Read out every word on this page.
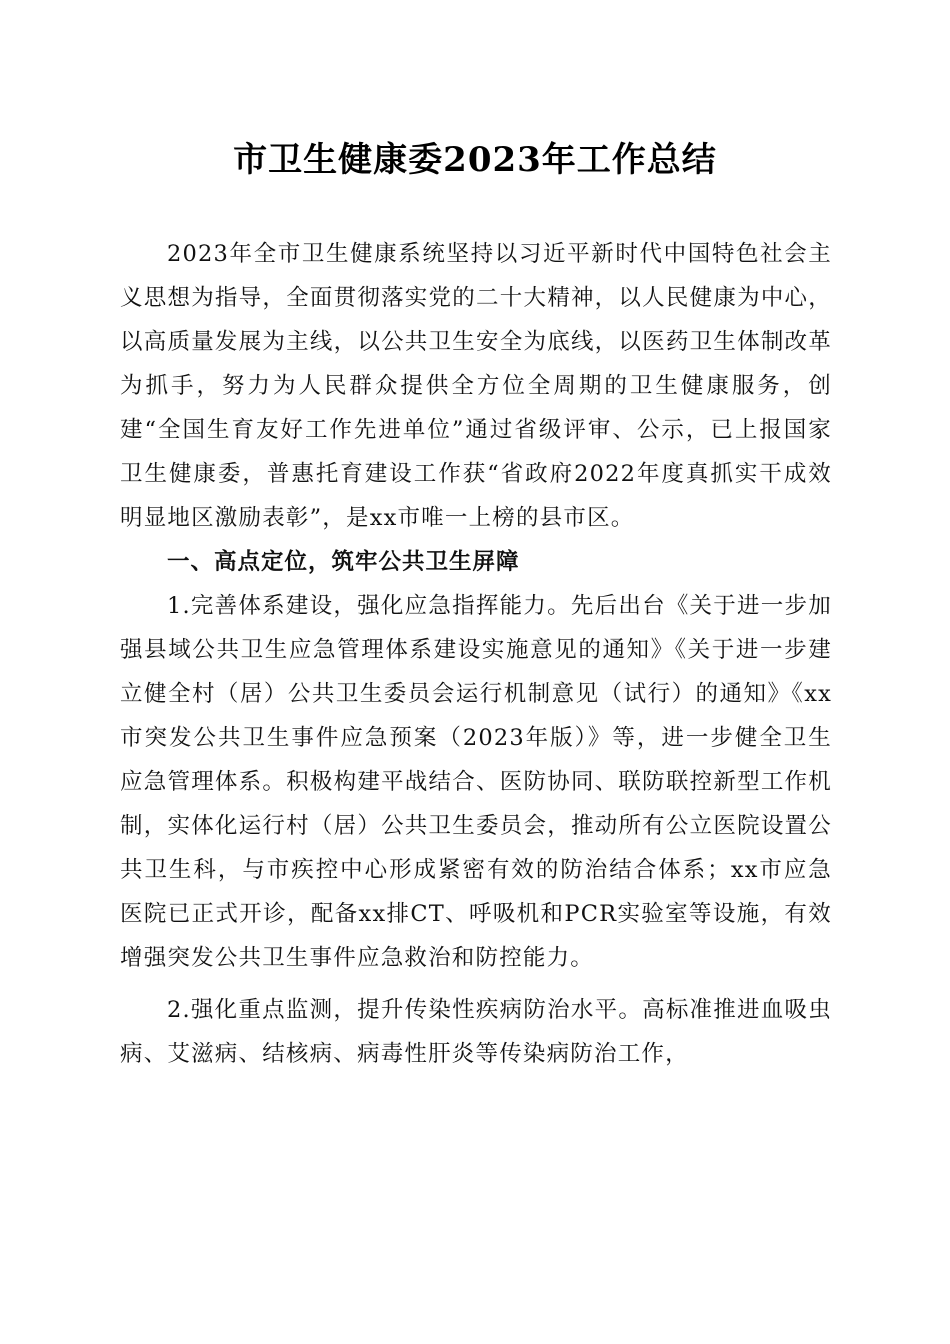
市卫生健康委2023年工作总结

2023年全市卫生健康系统坚持以习近平新时代中国特色社会主义思想为指导，全面贯彻落实党的二十大精神，以人民健康为中心，以高质量发展为主线，以公共卫生安全为底线，以医药卫生体制改革为抓手，努力为人民群众提供全方位全周期的卫生健康服务，创建“全国生育友好工作先进单位”通过省级评审、公示，已上报国家卫生健康委，普惠托育建设工作获“省政府2022年度真抓实干成效明显地区激励表彰”，是xx市唯一上榜的县市区。

一、高点定位，筑牢公共卫生屏障

1.完善体系建设，强化应急指挥能力。先后出台《关于进一步加强县域公共卫生应急管理体系建设实施意见的通知》《关于进一步建立健全村（居）公共卫生委员会运行机制意见（试行）的通知》《xx市突发公共卫生事件应急预案（2023年版）》等，进一步健全卫生应急管理体系。积极构建平战结合、医防协同、联防联控新型工作机制，实体化运行村（居）公共卫生委员会，推动所有公立医院设置公共卫生科，与市疾控中心形成紧密有效的防治结合体系；xx市应急医院已正式开诊，配备xx排CT、呼吸机和PCR实验室等设施，有效增强突发公共卫生事件应急救治和防控能力。

2.强化重点监测，提升传染性疾病防治水平。高标准推进血吸虫病、艾滋病、结核病、病毒性肝炎等传染病防治工作，
